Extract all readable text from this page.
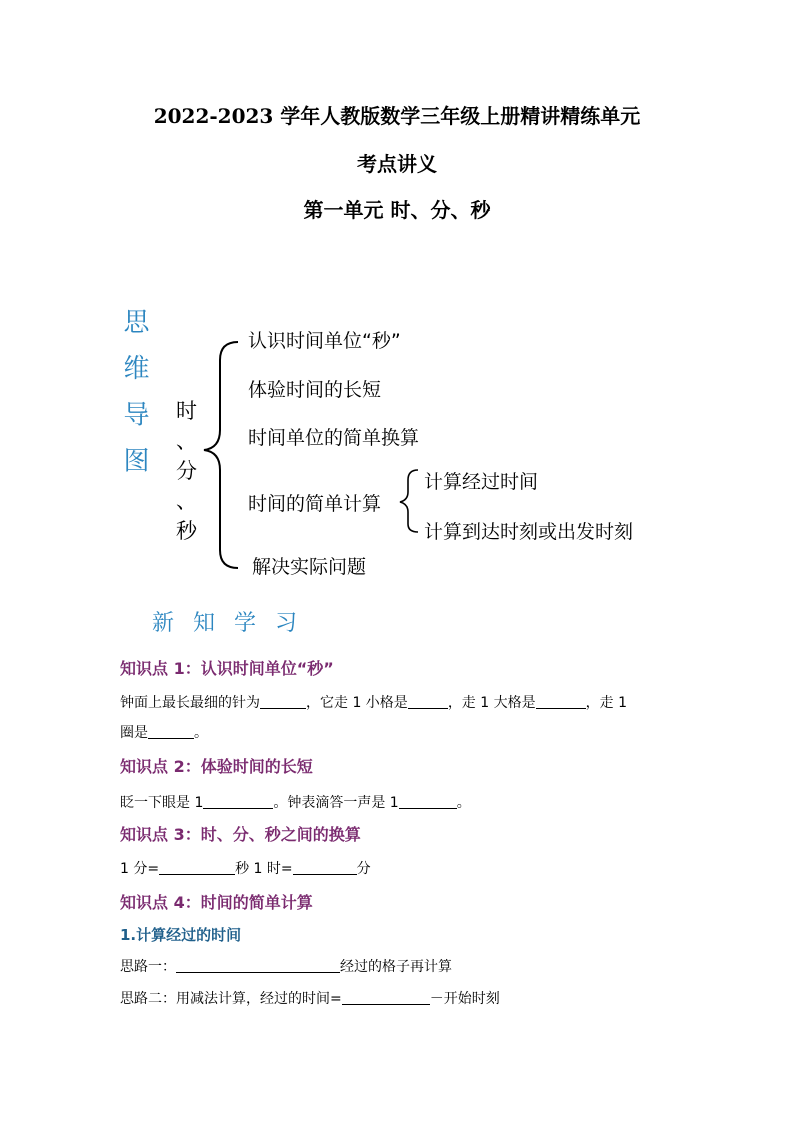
2022-2023 学年人教版数学三年级上册精讲精练单元
考点讲义
第一单元 时、分、秒
思 维 导 图 时
、
分
、
秒
认识时间单位“秒”
体验时间的长短
时间单位的简单换算
时间的简单计算
解决实际问题
计算经过时间
计算到达时刻或出发时刻
新 知 学 习
知识点 1：认识时间单位“秒”
钟面上最长最细的针为	，它走 1 小格是	，走 1 大格是	，走 1
圈是	。
知识点 2：体验时间的长短
眨一下眼是 1	。钟表滴答一声是 1	。
知识点 3：时、分、秒之间的换算
1 分=	秒 1 时=	分
知识点 4：时间的简单计算
1.计算经过的时间
思路一：	经过的格子再计算
思路二：用减法计算，经过的时间=	－开始时刻
